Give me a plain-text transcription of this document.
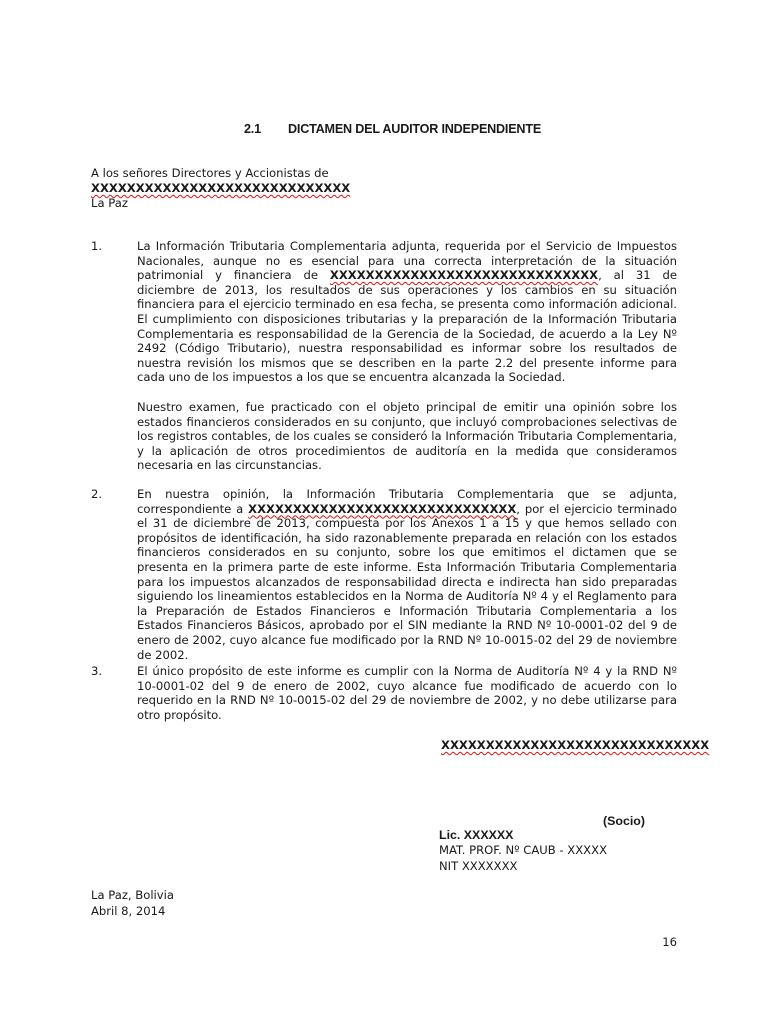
2.1 DICTAMEN DEL AUDITOR INDEPENDIENTE
A los señores Directores y Accionistas de
XXXXXXXXXXXXXXXXXXXXXXXXXXXXX
La Paz
1.	La Información Tributaria Complementaria adjunta, requerida por el Servicio de Impuestos Nacionales, aunque no es esencial para una correcta interpretación de la situación patrimonial y financiera de XXXXXXXXXXXXXXXXXXXXXXXXXXXXXX, al 31 de diciembre de 2013, los resultados de sus operaciones y los cambios en su situación financiera para el ejercicio terminado en esa fecha, se presenta como información adicional. El cumplimiento con disposiciones tributarias y la preparación de la Información Tributaria Complementaria es responsabilidad de la Gerencia de la Sociedad, de acuerdo a la Ley Nº 2492 (Código Tributario), nuestra responsabilidad es informar sobre los resultados de nuestra revisión los mismos que se describen en la parte 2.2 del presente informe para cada uno de los impuestos a los que se encuentra alcanzada la Sociedad.

Nuestro examen, fue practicado con el objeto principal de emitir una opinión sobre los estados financieros considerados en su conjunto, que incluyó comprobaciones selectivas de los registros contables, de los cuales se consideró la Información Tributaria Complementaria, y la aplicación de otros procedimientos de auditoría en la medida que consideramos necesaria en las circunstancias.

2.	En nuestra opinión, la Información Tributaria Complementaria que se adjunta, correspondiente a XXXXXXXXXXXXXXXXXXXXXXXXXXXXXX, por el ejercicio terminado el 31 de diciembre de 2013, compuesta por los Anexos 1 a 15 y que hemos sellado con propósitos de identificación, ha sido razonablemente preparada en relación con los estados financieros considerados en su conjunto, sobre los que emitimos el dictamen que se presenta en la primera parte de este informe. Esta Información Tributaria Complementaria para los impuestos alcanzados de responsabilidad directa e indirecta han sido preparadas siguiendo los lineamientos establecidos en la Norma de Auditoría Nº 4 y el Reglamento para la Preparación de Estados Financieros e Información Tributaria Complementaria a los Estados Financieros Básicos, aprobado por el SIN mediante la RND Nº 10-0001-02 del 9 de enero de 2002, cuyo alcance fue modificado por la RND Nº 10-0015-02 del 29 de noviembre de 2002.

3.	El único propósito de este informe es cumplir con la Norma de Auditoría Nº 4 y la RND Nº 10-0001-02 del 9 de enero de 2002, cuyo alcance fue modificado de acuerdo con lo requerido en la RND Nº 10-0015-02 del 29 de noviembre de 2002, y no debe utilizarse para otro propósito.

XXXXXXXXXXXXXXXXXXXXXXXXXXXXXX
(Socio)
Lic. XXXXXX
MAT. PROF. Nº CAUB - XXXXX
NIT XXXXXXX
La Paz, Bolivia
Abril 8, 2014
16
